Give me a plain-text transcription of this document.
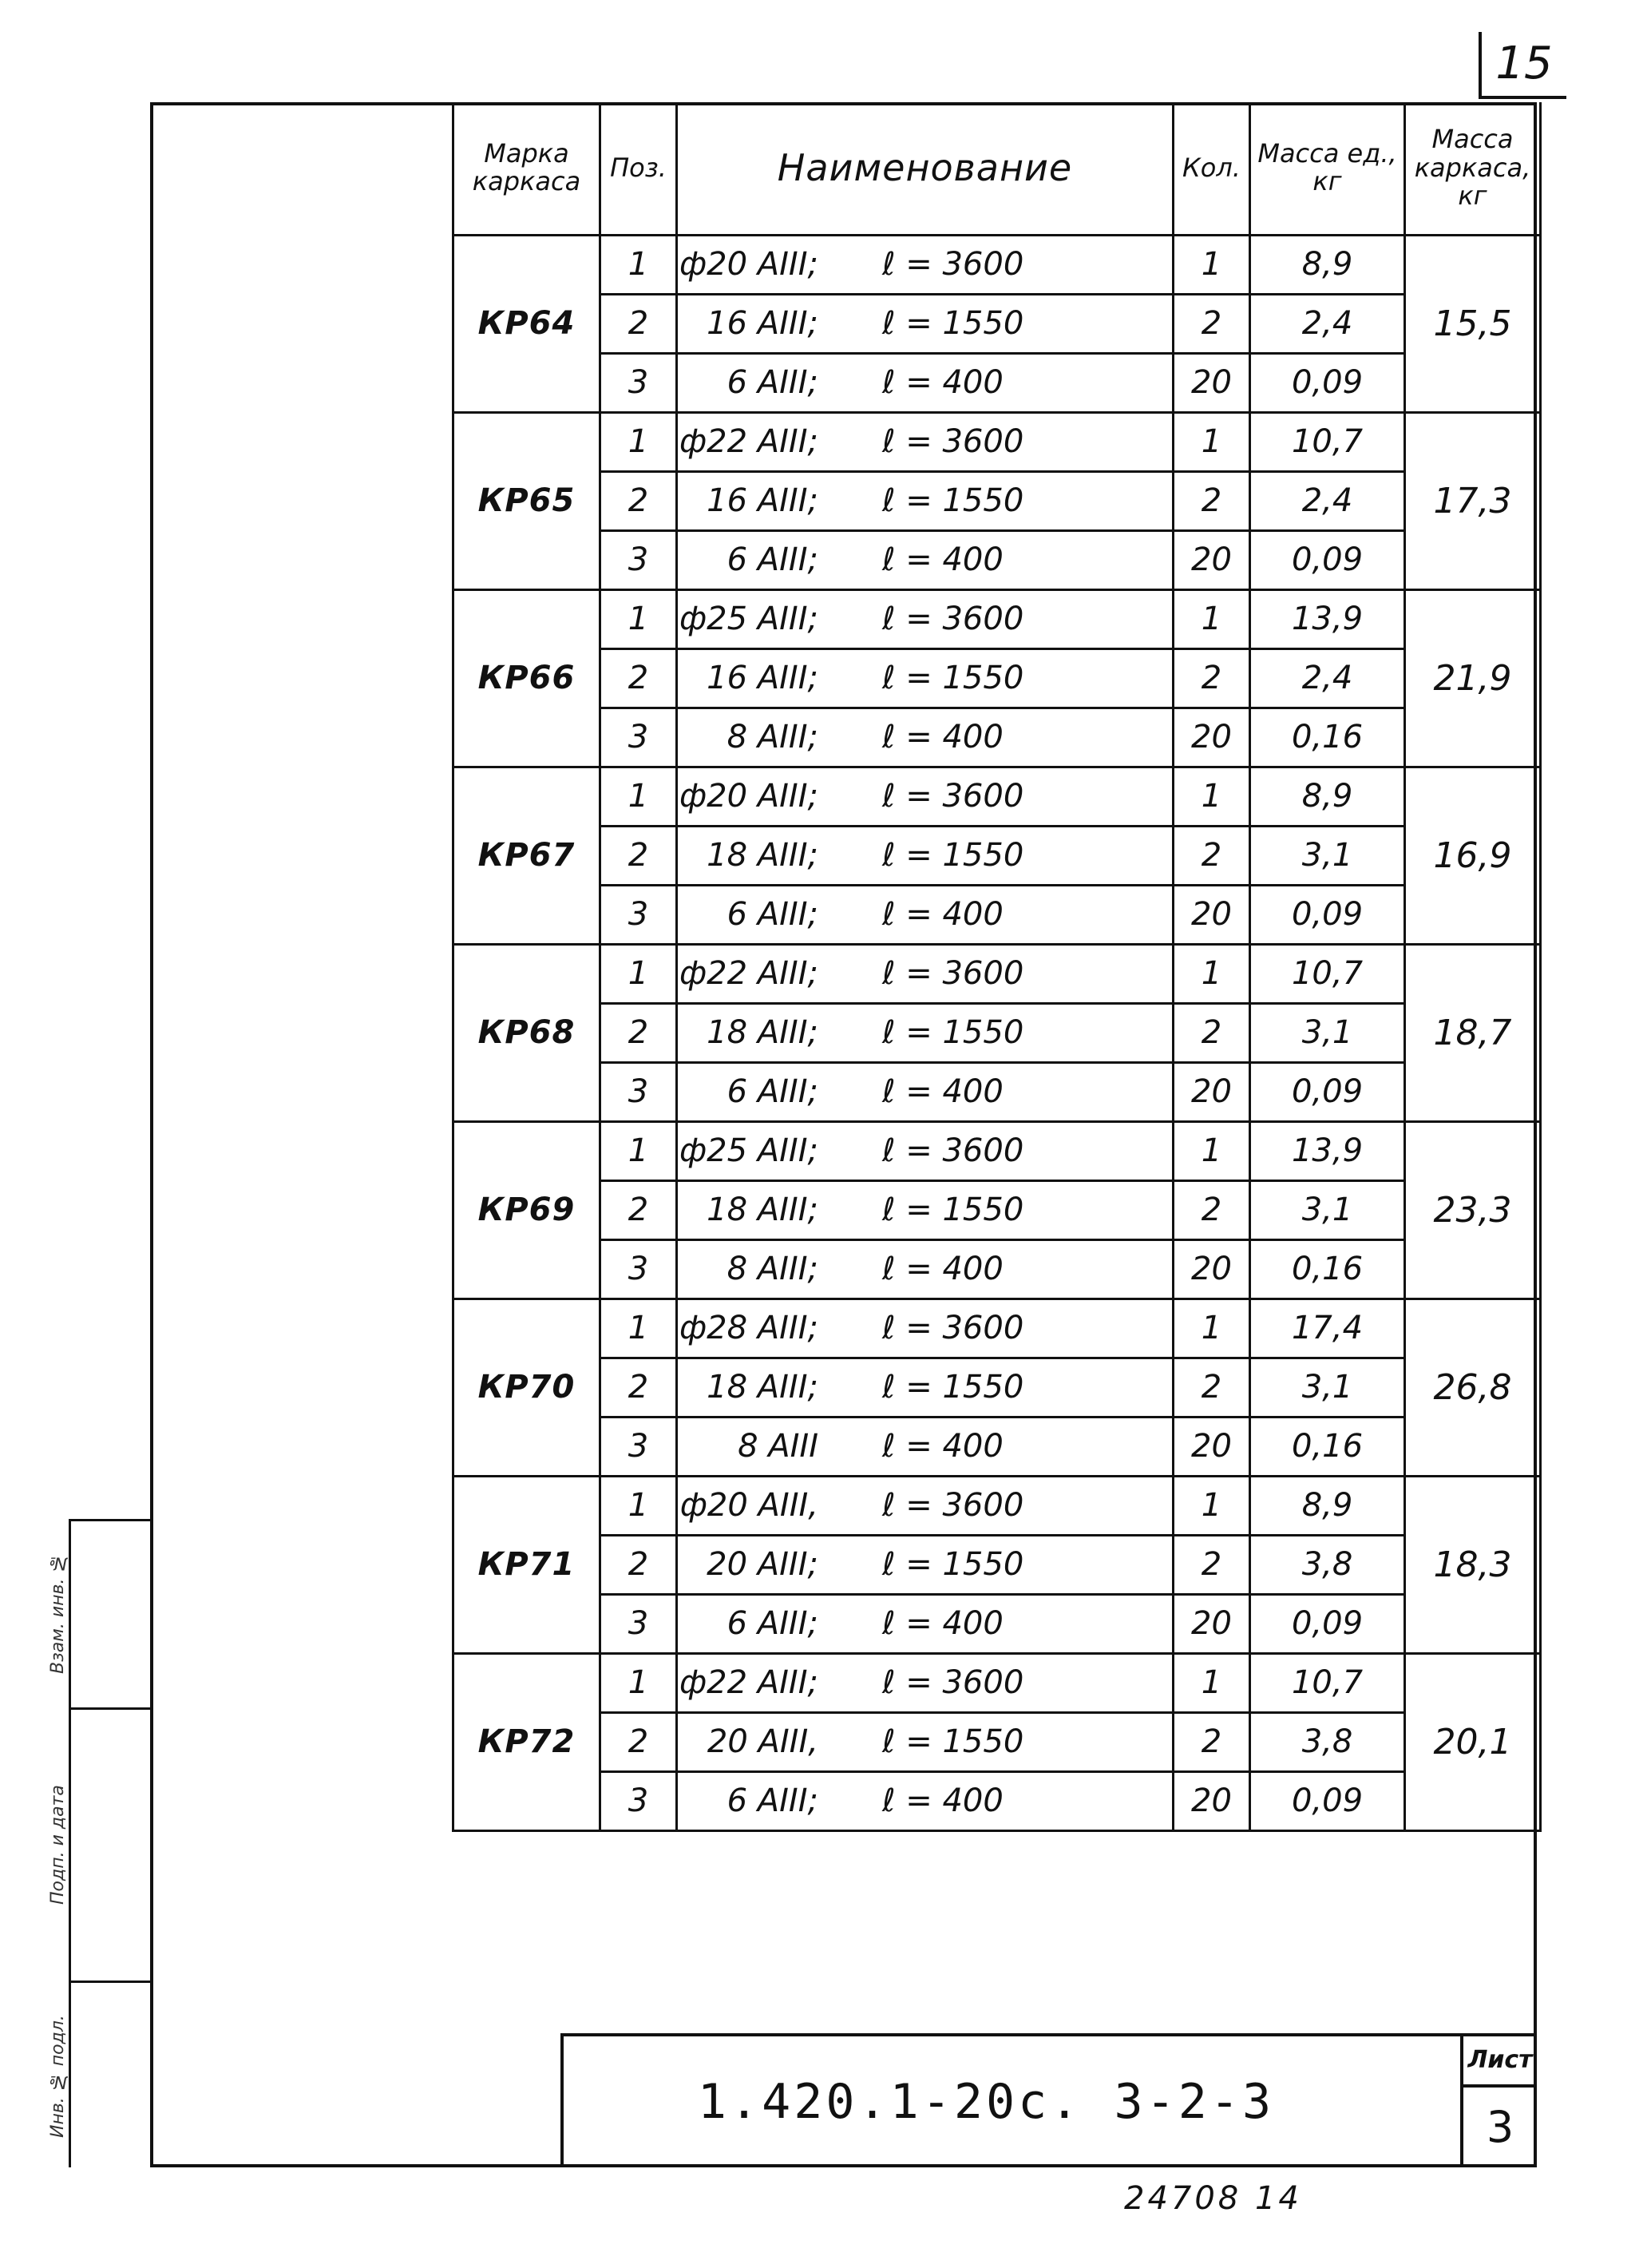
15
Взам. инв. №
Подп. и дата
Инв. № подл.
Марка каркаса	Поз.	Наименование	Кол.	Масса ед., кг	Масса каркаса, кг
КР64	1	ф20 АIII; ℓ = 3600	1	8,9	15,5
	2	16 АIII; ℓ = 1550	2	2,4	
	3	6 АIII; ℓ = 400	20	0,09	
КР65	1	ф22 АIII; ℓ = 3600	1	10,7	17,3
	2	16 АIII; ℓ = 1550	2	2,4	
	3	6 АIII; ℓ = 400	20	0,09	
КР66	1	ф25 АIII; ℓ = 3600	1	13,9	21,9
	2	16 АIII; ℓ = 1550	2	2,4	
	3	8 АIII; ℓ = 400	20	0,16	
КР67	1	ф20 АIII; ℓ = 3600	1	8,9	16,9
	2	18 АIII; ℓ = 1550	2	3,1	
	3	6 АIII; ℓ = 400	20	0,09	
КР68	1	ф22 АIII; ℓ = 3600	1	10,7	18,7
	2	18 АIII; ℓ = 1550	2	3,1	
	3	6 АIII; ℓ = 400	20	0,09	
КР69	1	ф25 АIII; ℓ = 3600	1	13,9	23,3
	2	18 АIII; ℓ = 1550	2	3,1	
	3	8 АIII; ℓ = 400	20	0,16	
КР70	1	ф28 АIII; ℓ = 3600	1	17,4	26,8
	2	18 АIII; ℓ = 1550	2	3,1	
	3	8 АIII ℓ = 400	20	0,16	
КР71	1	ф20 АIII, ℓ = 3600	1	8,9	18,3
	2	20 АIII; ℓ = 1550	2	3,8	
	3	6 АIII; ℓ = 400	20	0,09	
КР72	1	ф22 АIII; ℓ = 3600	1	10,7	20,1
	2	20 АIII, ℓ = 1550	2	3,8	
	3	6 АIII; ℓ = 400	20	0,09	
1.420.1-20с. 3-2-3
Лист
3
24708 14
